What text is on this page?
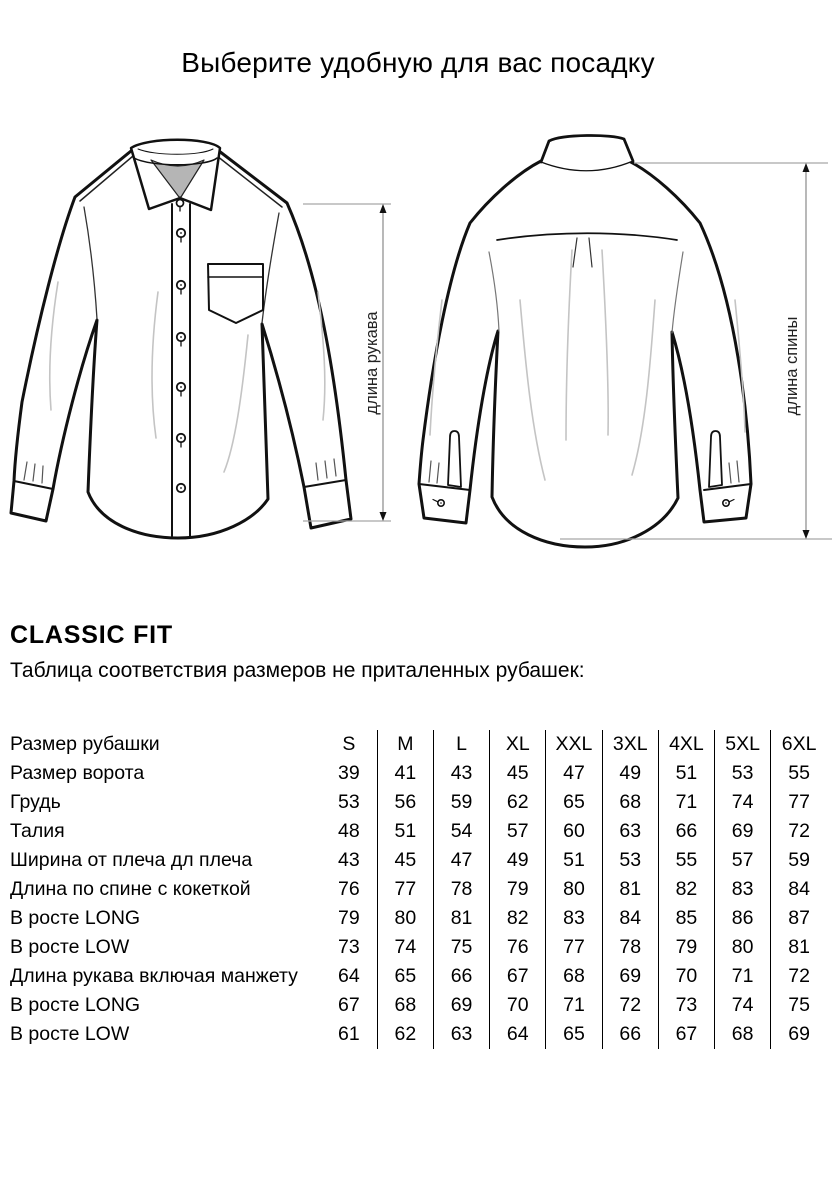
Выберите удобную для вас посадку
длина рукава	длина спины
CLASSIC FIT
Таблица соответствия размеров не приталенных рубашек:
Размер рубашки	S	M	L	XL	XXL	3XL	4XL	5XL	6XL
Размер ворота	39	41	43	45	47	49	51	53	55
Грудь	53	56	59	62	65	68	71	74	77
Талия	48	51	54	57	60	63	66	69	72
Ширина от плеча дл плеча	43	45	47	49	51	53	55	57	59
Длина по спине с кокеткой	76	77	78	79	80	81	82	83	84
В росте LONG	79	80	81	82	83	84	85	86	87
В росте LOW	73	74	75	76	77	78	79	80	81
Длина рукава включая манжету	64	65	66	67	68	69	70	71	72
В росте LONG	67	68	69	70	71	72	73	74	75
В росте LOW	61	62	63	64	65	66	67	68	69
